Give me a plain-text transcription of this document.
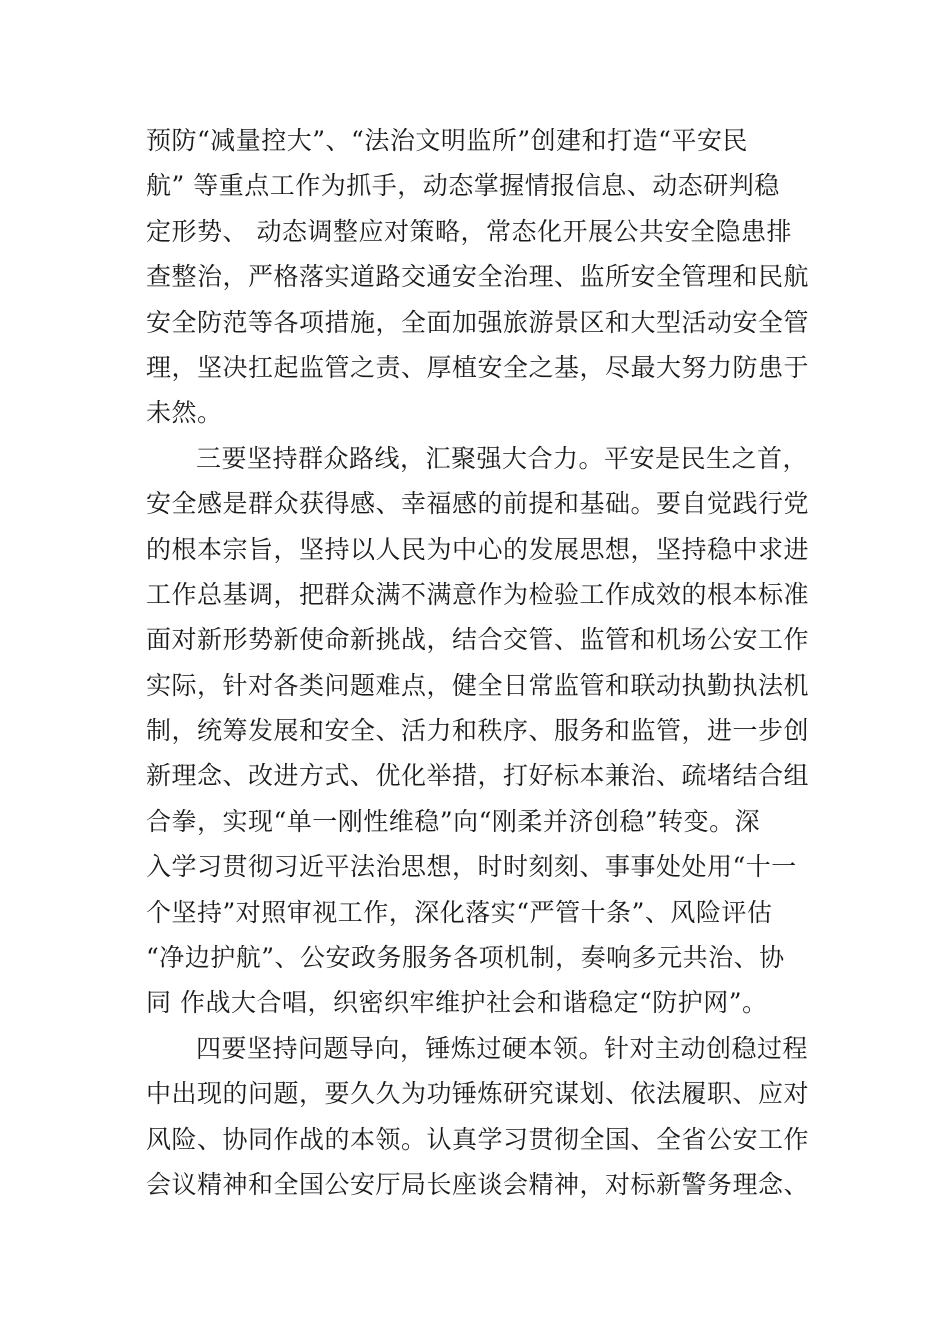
预防“减量控大”、“法治文明监所”创建和打造“平安民
航” 等重点工作为抓手，动态掌握情报信息、动态研判稳
定形势、 动态调整应对策略，常态化开展公共安全隐患排
查整治，严格落实道路交通安全治理、监所安全管理和民航
安全防范等各项措施，全面加强旅游景区和大型活动安全管
理，坚决扛起监管之责、厚植安全之基，尽最大努力防患于
未然。
三要坚持群众路线，汇聚强大合力。平安是民生之首，
安全感是群众获得感、幸福感的前提和基础。要自觉践行党
的根本宗旨，坚持以人民为中心的发展思想，坚持稳中求进
工作总基调，把群众满不满意作为检验工作成效的根本标准
面对新形势新使命新挑战，结合交管、监管和机场公安工作
实际，针对各类问题难点，健全日常监管和联动执勤执法机
制，统筹发展和安全、活力和秩序、服务和监管，进一步创
新理念、改进方式、优化举措，打好标本兼治、疏堵结合组
合拳，实现“单一刚性维稳”向“刚柔并济创稳”转变。深
入学习贯彻习近平法治思想，时时刻刻、事事处处用“十一
个坚持”对照审视工作，深化落实“严管十条”、风险评估
“净边护航”、公安政务服务各项机制，奏响多元共治、协
同 作战大合唱，织密织牢维护社会和谐稳定“防护网”。
四要坚持问题导向，锤炼过硬本领。针对主动创稳过程
中出现的问题，要久久为功锤炼研究谋划、依法履职、应对
风险、协同作战的本领。认真学习贯彻全国、全省公安工作
会议精神和全国公安厅局长座谈会精神，对标新警务理念、
